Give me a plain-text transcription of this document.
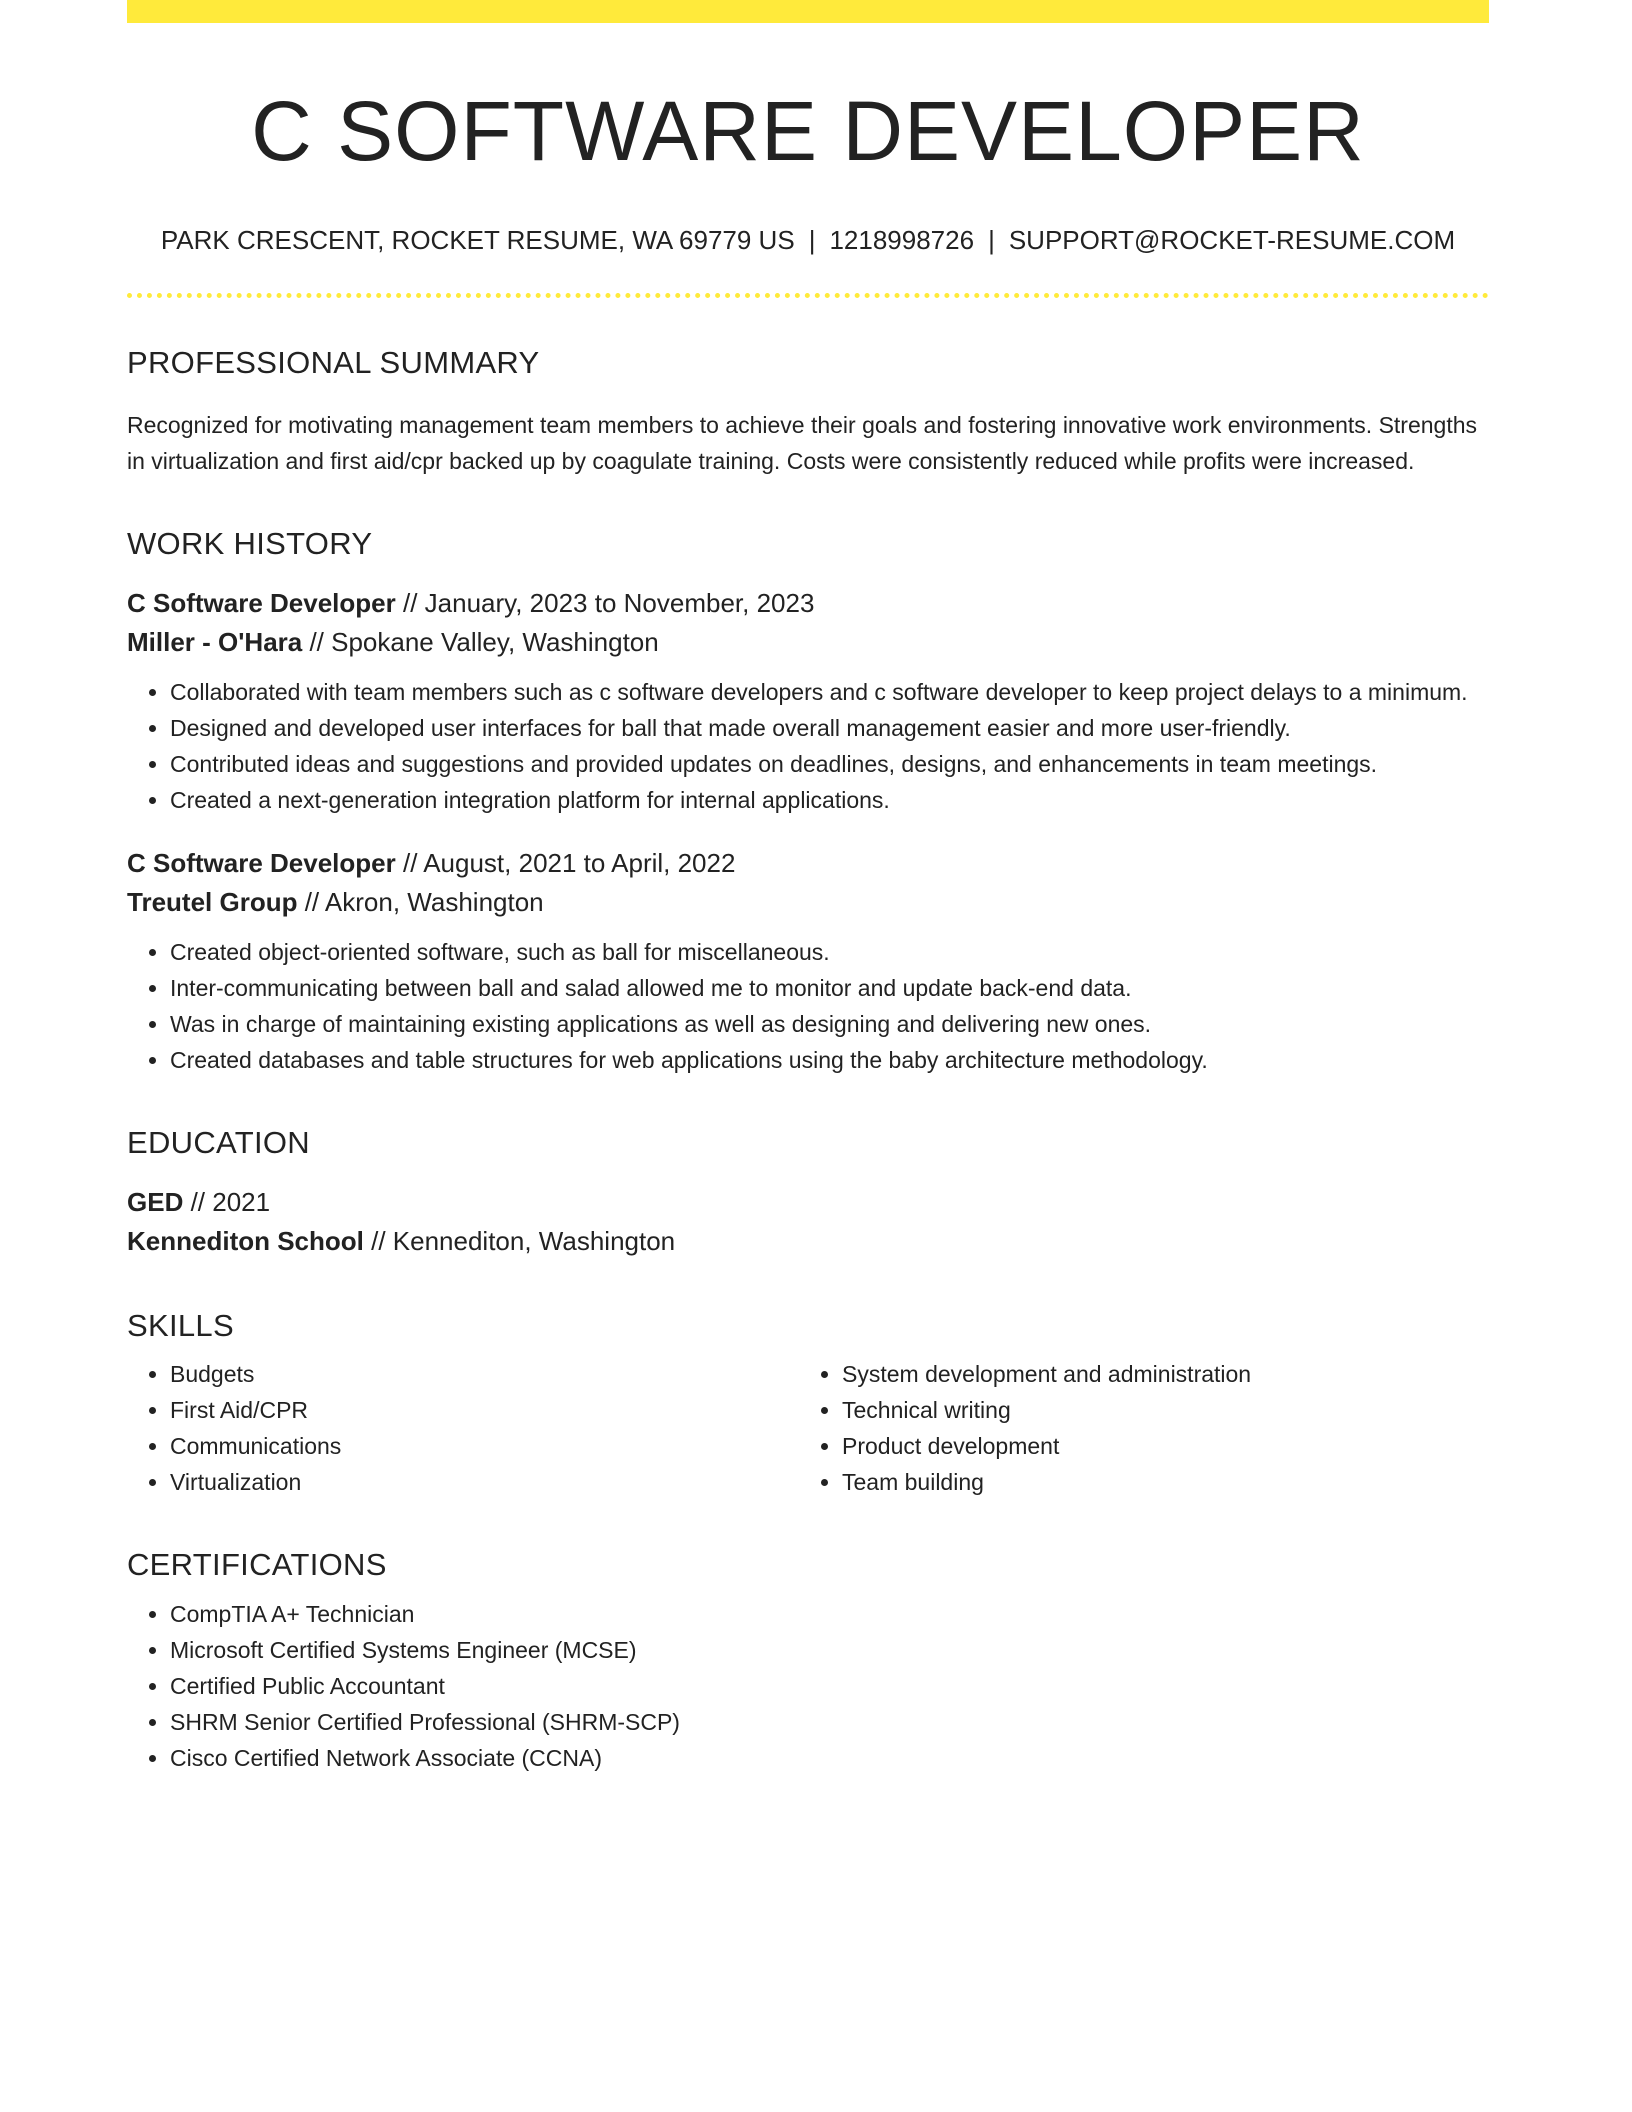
C SOFTWARE DEVELOPER
PARK CRESCENT, ROCKET RESUME, WA 69779 US | 1218998726 | SUPPORT@ROCKET-RESUME.COM
PROFESSIONAL SUMMARY
Recognized for motivating management team members to achieve their goals and fostering innovative work environments. Strengths in virtualization and first aid/cpr backed up by coagulate training. Costs were consistently reduced while profits were increased.
WORK HISTORY
C Software Developer // January, 2023 to November, 2023
Miller - O'Hara // Spokane Valley, Washington
• Collaborated with team members such as c software developers and c software developer to keep project delays to a minimum.
• Designed and developed user interfaces for ball that made overall management easier and more user-friendly.
• Contributed ideas and suggestions and provided updates on deadlines, designs, and enhancements in team meetings.
• Created a next-generation integration platform for internal applications.
C Software Developer // August, 2021 to April, 2022
Treutel Group // Akron, Washington
• Created object-oriented software, such as ball for miscellaneous.
• Inter-communicating between ball and salad allowed me to monitor and update back-end data.
• Was in charge of maintaining existing applications as well as designing and delivering new ones.
• Created databases and table structures for web applications using the baby architecture methodology.
EDUCATION
GED // 2021
Kennediton School // Kennediton, Washington
SKILLS
• Budgets
• First Aid/CPR
• Communications
• Virtualization
• System development and administration
• Technical writing
• Product development
• Team building
CERTIFICATIONS
• CompTIA A+ Technician
• Microsoft Certified Systems Engineer (MCSE)
• Certified Public Accountant
• SHRM Senior Certified Professional (SHRM-SCP)
• Cisco Certified Network Associate (CCNA)
